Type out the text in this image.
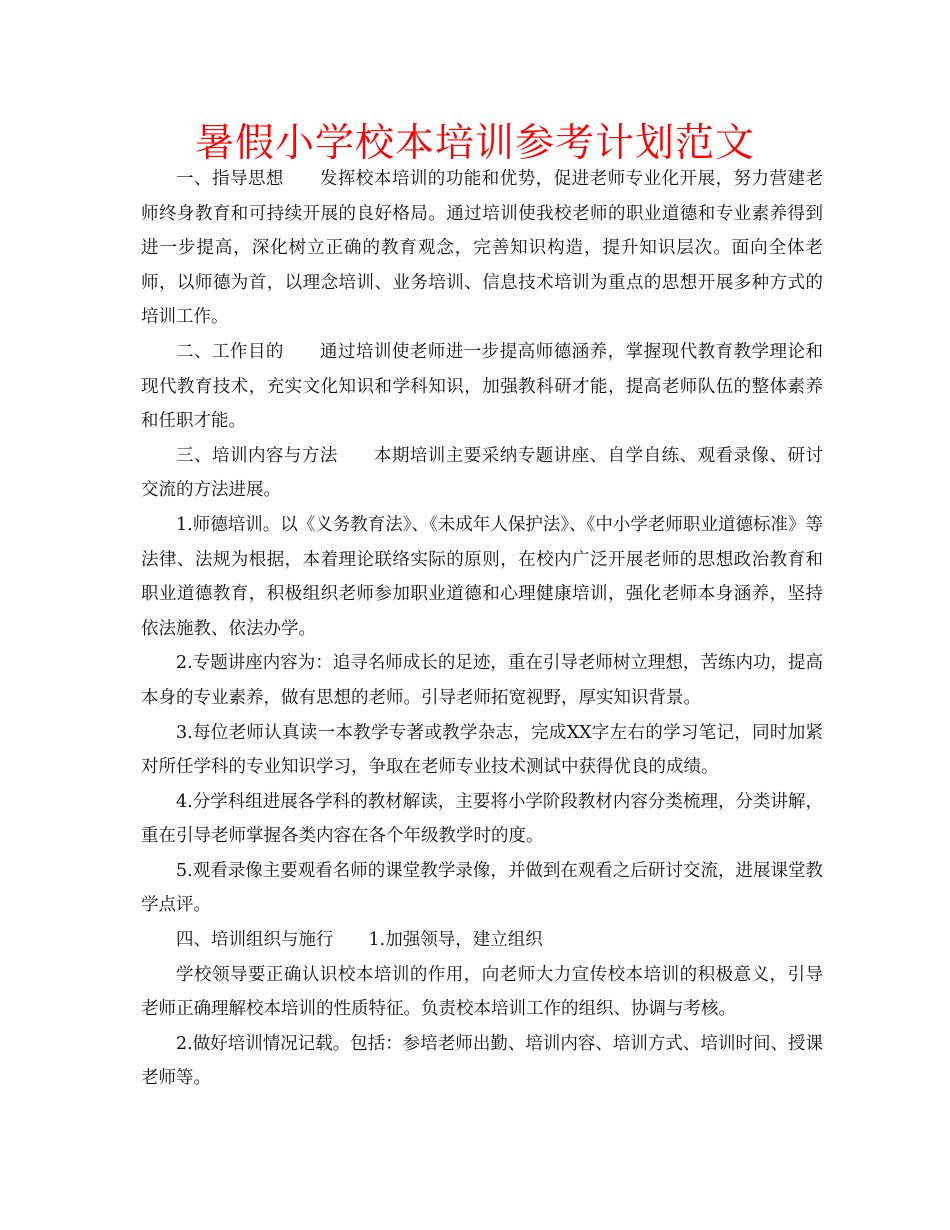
暑假小学校本培训参考计划范文

一、指导思想　　发挥校本培训的功能和优势，促进老师专业化开展，努力营建老师终身教育和可持续开展的良好格局。通过培训使我校老师的职业道德和专业素养得到进一步提高，深化树立正确的教育观念，完善知识构造，提升知识层次。面向全体老师，以师德为首，以理念培训、业务培训、信息技术培训为重点的思想开展多种方式的培训工作。

二、工作目的　　通过培训使老师进一步提高师德涵养，掌握现代教育教学理论和现代教育技术，充实文化知识和学科知识，加强教科研才能，提高老师队伍的整体素养和任职才能。

三、培训内容与方法　　本期培训主要采纳专题讲座、自学自练、观看录像、研讨交流的方法进展。

1.师德培训。以《义务教育法》、《未成年人保护法》、《中小学老师职业道德标准》等法律、法规为根据，本着理论联络实际的原则，在校内广泛开展老师的思想政治教育和职业道德教育，积极组织老师参加职业道德和心理健康培训，强化老师本身涵养，坚持依法施教、依法办学。

2.专题讲座内容为：追寻名师成长的足迹，重在引导老师树立理想，苦练内功，提高本身的专业素养，做有思想的老师。引导老师拓宽视野，厚实知识背景。

3.每位老师认真读一本教学专著或教学杂志，完成XX字左右的学习笔记，同时加紧对所任学科的专业知识学习，争取在老师专业技术测试中获得优良的成绩。

4.分学科组进展各学科的教材解读，主要将小学阶段教材内容分类梳理，分类讲解，重在引导老师掌握各类内容在各个年级教学时的度。

5.观看录像主要观看名师的课堂教学录像，并做到在观看之后研讨交流，进展课堂教学点评。

四、培训组织与施行　　1.加强领导，建立组织

学校领导要正确认识校本培训的作用，向老师大力宣传校本培训的积极意义，引导老师正确理解校本培训的性质特征。负责校本培训工作的组织、协调与考核。

2.做好培训情况记载。包括：参培老师出勤、培训内容、培训方式、培训时间、授课老师等。
